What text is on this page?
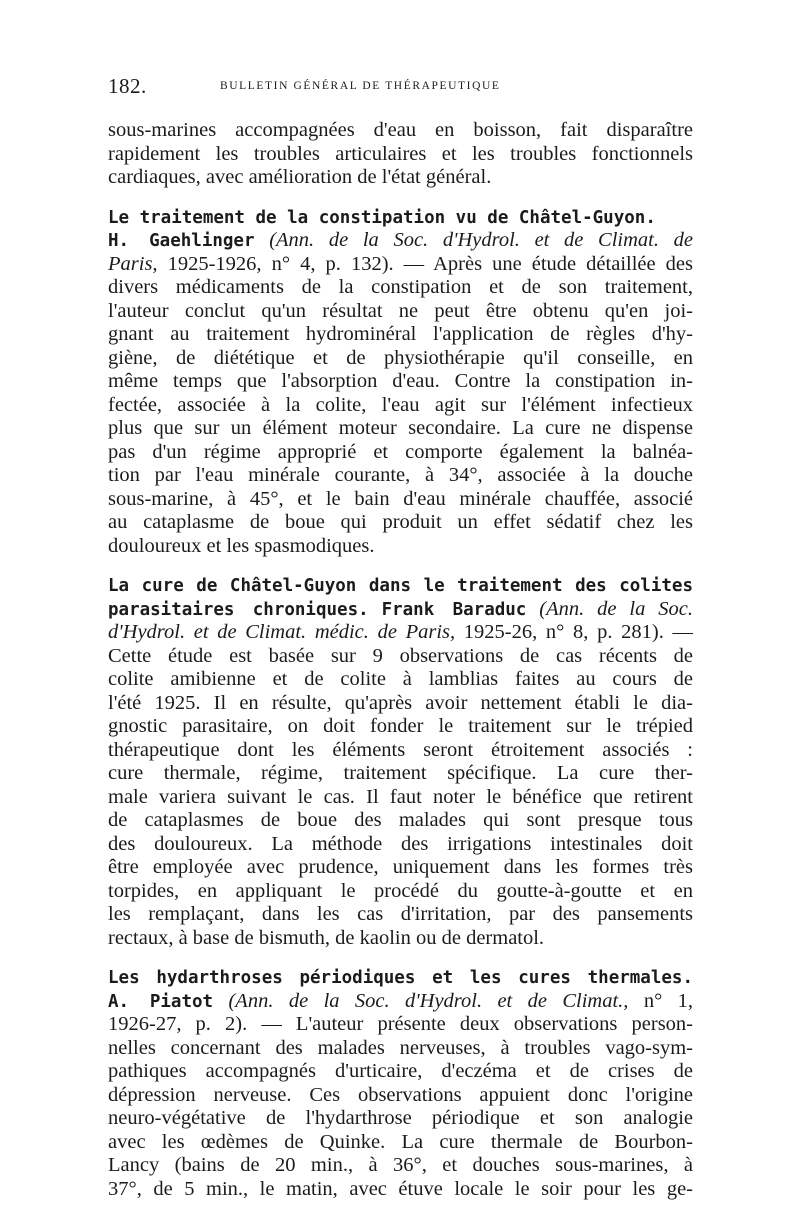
182.	BULLETIN GÉNÉRAL DE THÉRAPEUTIQUE

sous-marines accompagnées d'eau en boisson, fait disparaître

rapidement les troubles articulaires et les troubles fonctionnels

cardiaques, avec amélioration de l'état général.

Le traitement de la constipation vu de Châtel-Guyon.

H. Gaehlinger (Ann. de la Soc. d'Hydrol. et de Climat. de

Paris, 1925-1926, n° 4, p. 132). — Après une étude détaillée des

divers médicaments de la constipation et de son traitement,

l'auteur conclut qu'un résultat ne peut être obtenu qu'en joi-

gnant au traitement hydrominéral l'application de règles d'hy-

giène, de diététique et de physiothérapie qu'il conseille, en

même temps que l'absorption d'eau. Contre la constipation in-

fectée, associée à la colite, l'eau agit sur l'élément infectieux

plus que sur un élément moteur secondaire. La cure ne dispense

pas d'un régime approprié et comporte également la balnéa-

tion par l'eau minérale courante, à 34°, associée à la douche

sous-marine, à 45°, et le bain d'eau minérale chauffée, associé

au cataplasme de boue qui produit un effet sédatif chez les

douloureux et les spasmodiques.

La cure de Châtel-Guyon dans le traitement des colites

parasitaires chroniques. Frank Baraduc (Ann. de la Soc.

d'Hydrol. et de Climat. médic. de Paris, 1925-26, n° 8, p. 281). —

Cette étude est basée sur 9 observations de cas récents de

colite amibienne et de colite à lamblias faites au cours de

l'été 1925. Il en résulte, qu'après avoir nettement établi le dia-

gnostic parasitaire, on doit fonder le traitement sur le trépied

thérapeutique dont les éléments seront étroitement associés :

cure thermale, régime, traitement spécifique. La cure ther-

male variera suivant le cas. Il faut noter le bénéfice que retirent

de cataplasmes de boue des malades qui sont presque tous

des douloureux. La méthode des irrigations intestinales doit

être employée avec prudence, uniquement dans les formes très

torpides, en appliquant le procédé du goutte-à-goutte et en

les remplaçant, dans les cas d'irritation, par des pansements

rectaux, à base de bismuth, de kaolin ou de dermatol.

Les hydarthroses périodiques et les cures thermales.

A. Piatot (Ann. de la Soc. d'Hydrol. et de Climat., n° 1,

1926-27, p. 2). — L'auteur présente deux observations person-

nelles concernant des malades nerveuses, à troubles vago-sym-

pathiques accompagnés d'urticaire, d'eczéma et de crises de

dépression nerveuse. Ces observations appuient donc l'origine

neuro-végétative de l'hydarthrose périodique et son analogie

avec les œdèmes de Quinke. La cure thermale de Bourbon-

Lancy (bains de 20 min., à 36°, et douches sous-marines, à

37°, de 5 min., le matin, avec étuve locale le soir pour les ge-
